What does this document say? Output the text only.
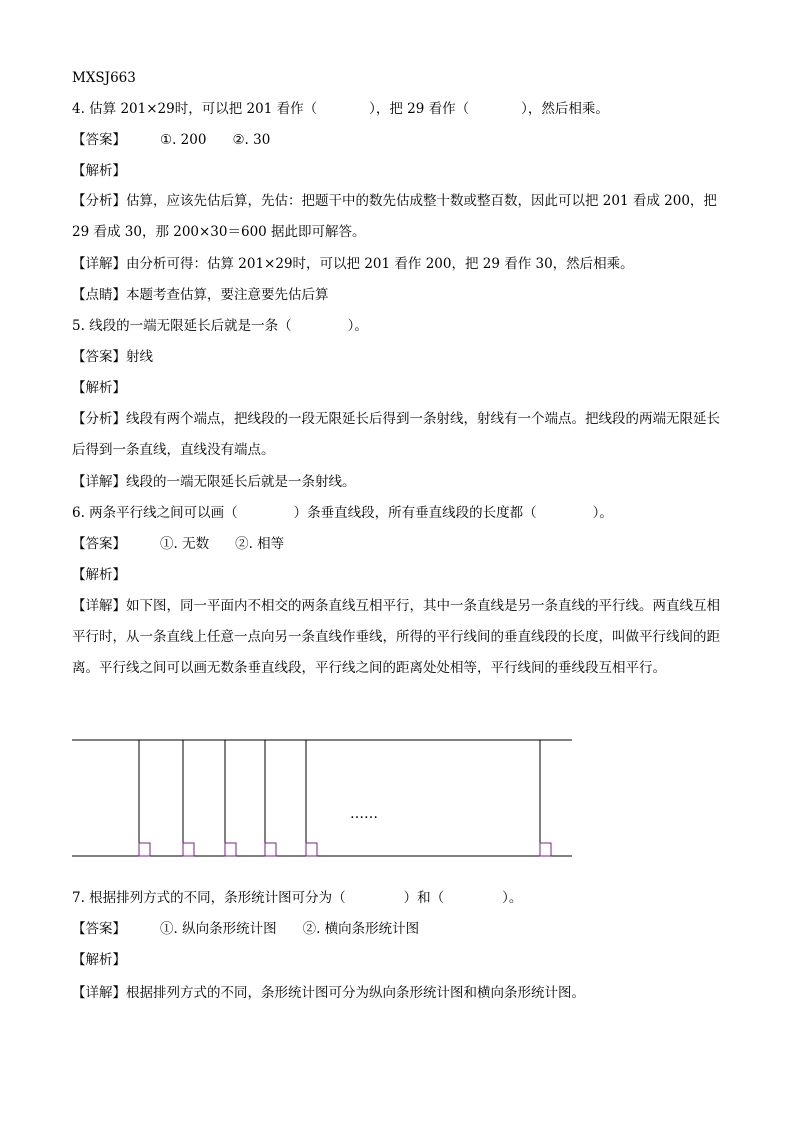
MXSJ663
4. 估算 201×29时，可以把 201 看作（	），把 29 看作（	），然后相乘。
【答案】	①. 200 ②. 30
【解析】
【分析】估算，应该先估后算，先估：把题干中的数先估成整十数或整百数，因此可以把 201 看成 200，把 29 看成 30，那 200×30＝600 据此即可解答。
【详解】由分析可得：估算 201×29时，可以把 201 看作 200，把 29 看作 30，然后相乘。
【点睛】本题考查估算，要注意要先估后算
5. 线段的一端无限延长后就是一条（	）。
【答案】射线
【解析】
【分析】线段有两个端点，把线段的一段无限延长后得到一条射线，射线有一个端点。把线段的两端无限延长后得到一条直线，直线没有端点。
【详解】线段的一端无限延长后就是一条射线。
6. 两条平行线之间可以画（	）条垂直线段，所有垂直线段的长度都（	）。
【答案】	①. 无数 ②. 相等
【解析】
【详解】如下图，同一平面内不相交的两条直线互相平行，其中一条直线是另一条直线的平行线。两直线互相平行时，从一条直线上任意一点向另一条直线作垂线，所得的平行线间的垂直线段的长度，叫做平行线间的距离。平行线之间可以画无数条垂直线段，平行线之间的距离处处相等，平行线间的垂线段互相平行。
……
7. 根据排列方式的不同，条形统计图可分为（	）和（	）。
【答案】	①. 纵向条形统计图 ②. 横向条形统计图
【解析】
【详解】根据排列方式的不同，条形统计图可分为纵向条形统计图和横向条形统计图。
